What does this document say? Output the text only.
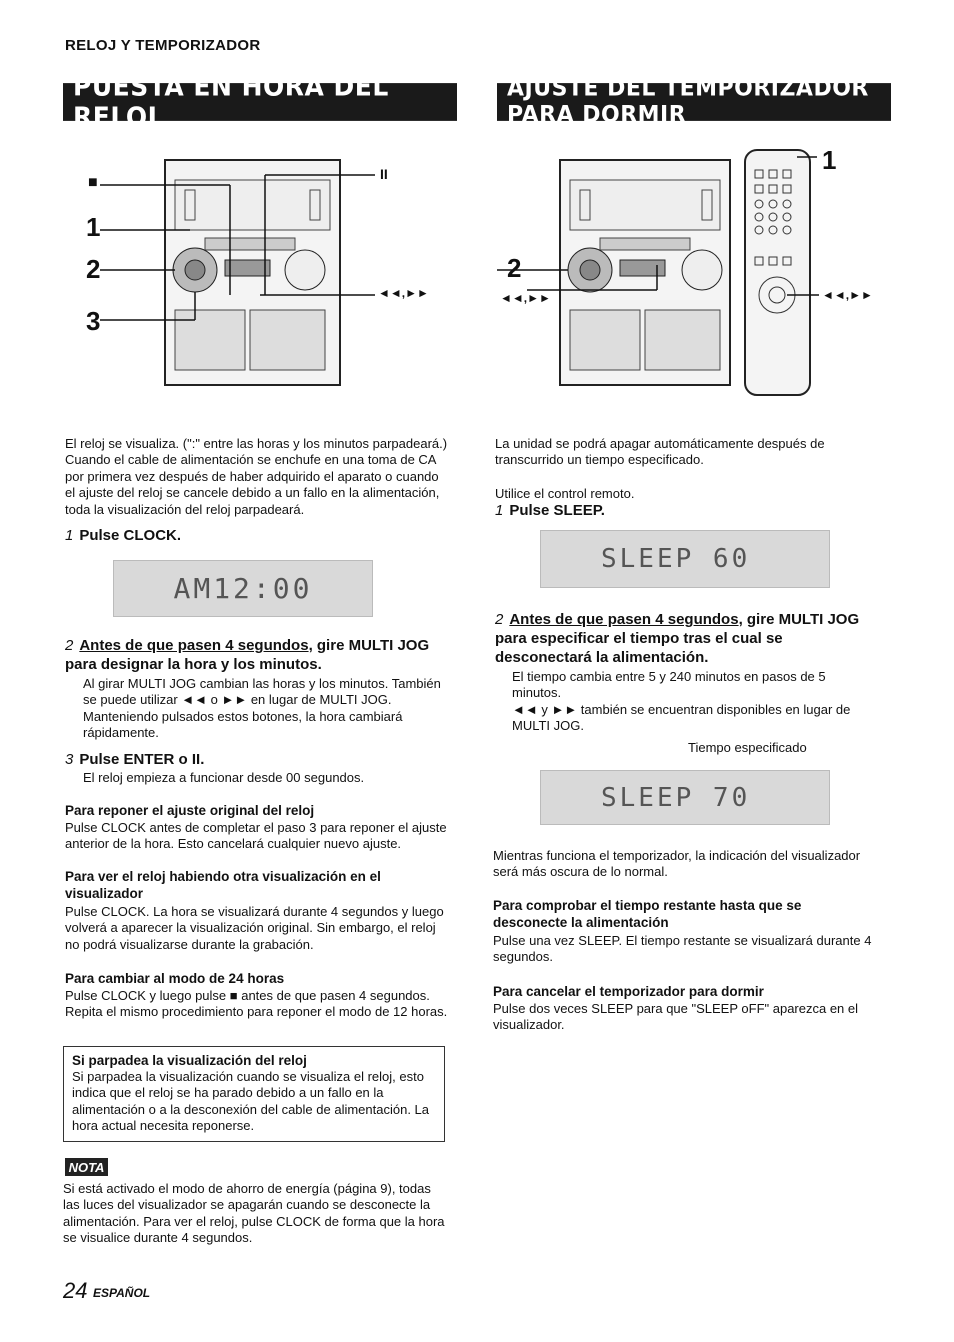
RELOJ Y TEMPORIZADOR
PUESTA EN HORA DEL RELOJ
AJUSTE DEL TEMPORIZADOR PARA DORMIR
■	II
1
2
3
◄◄,►►
1
2
◄◄,►►	◄◄,►►

El reloj se visualiza. (":" entre las horas y los minutos parpadeará.) Cuando el cable de alimentación se enchufe en una toma de CA por primera vez después de haber adquirido el aparato o cuando el ajuste del reloj se cancele debido a un fallo en la alimentación, toda la visualización del reloj parpadeará.

1 Pulse CLOCK.
AM12:00
2 Antes de que pasen 4 segundos, gire MULTI JOG para designar la hora y los minutos.

Al girar MULTI JOG cambian las horas y los minutos. También se puede utilizar ◄◄ o ►► en lugar de MULTI JOG. Manteniendo pulsados estos botones, la hora cambiará rápidamente.

3 Pulse ENTER o II.

El reloj empieza a funcionar desde 00 segundos.

Para reponer el ajuste original del reloj

Pulse CLOCK antes de completar el paso 3 para reponer el ajuste anterior de la hora. Esto cancelará cualquier nuevo ajuste.

Para ver el reloj habiendo otra visualización en el visualizador

Pulse CLOCK. La hora se visualizará durante 4 segundos y luego volverá a aparecer la visualización original. Sin embargo, el reloj no podrá visualizarse durante la grabación.

Para cambiar al modo de 24 horas

Pulse CLOCK y luego pulse ■ antes de que pasen 4 segundos. Repita el mismo procedimiento para reponer el modo de 12 horas.

Si parpadea la visualización del reloj

Si parpadea la visualización cuando se visualiza el reloj, esto indica que el reloj se ha parado debido a un fallo en la alimentación o a la desconexión del cable de alimentación. La hora actual necesita reponerse.

NOTA

Si está activado el modo de ahorro de energía (página 9), todas las luces del visualizador se apagarán cuando se desconecte la alimentación. Para ver el reloj, pulse CLOCK de forma que la hora se visualice durante 4 segundos.

La unidad se podrá apagar automáticamente después de transcurrido un tiempo especificado.

Utilice el control remoto.

1 Pulse SLEEP.
SLEEP 60
2 Antes de que pasen 4 segundos, gire MULTI JOG para especificar el tiempo tras el cual se desconectará la alimentación.

El tiempo cambia entre 5 y 240 minutos en pasos de 5 minutos.

◄◄ y ►► también se encuentran disponibles en lugar de MULTI JOG.

Tiempo especificado
SLEEP 70

Mientras funciona el temporizador, la indicación del visualizador será más oscura de lo normal.

Para comprobar el tiempo restante hasta que se desconecte la alimentación

Pulse una vez SLEEP. El tiempo restante se visualizará durante 4 segundos.

Para cancelar el temporizador para dormir

Pulse dos veces SLEEP para que "SLEEP oFF" aparezca en el visualizador.

24 ESPAÑOL
